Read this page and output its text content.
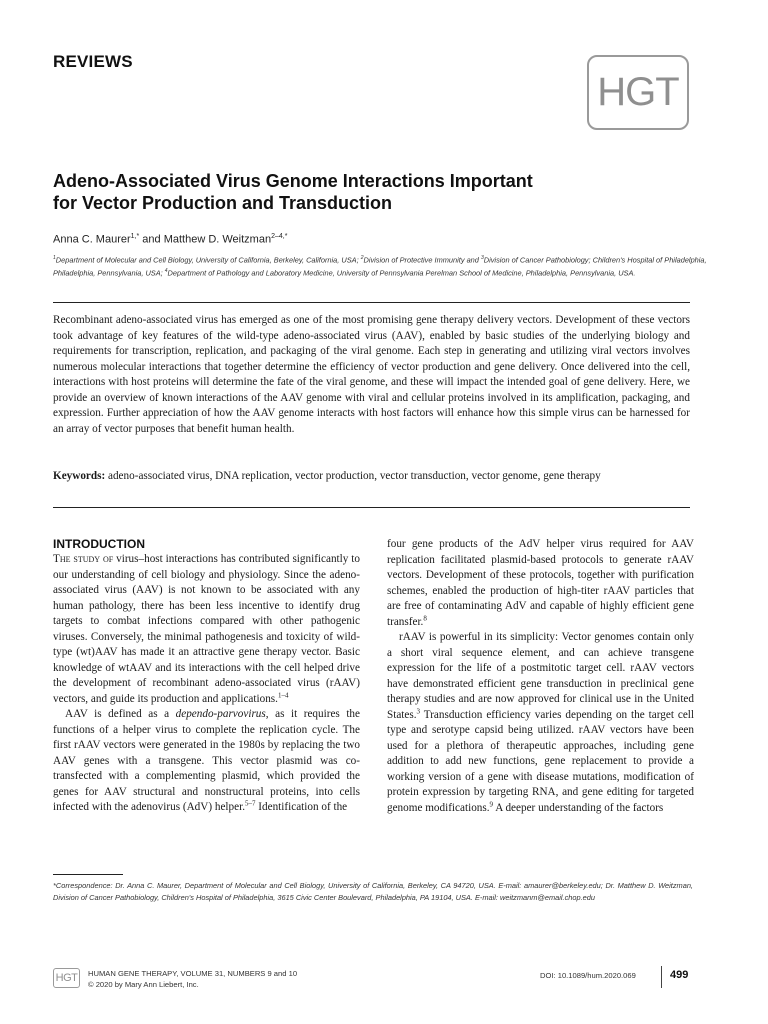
REVIEWS
HGT
Adeno-Associated Virus Genome Interactions Important
for Vector Production and Transduction
Anna C. Maurer$^{1,*}$ and Matthew D. Weitzman$^{2-4,*}$
$^1$Department of Molecular and Cell Biology, University of California, Berkeley, California, USA; $^2$Division of Protective Immunity and $^3$Division of Cancer Pathobiology; Children's Hospital of Philadelphia, Philadelphia, Pennsylvania, USA; $^4$Department of Pathology and Laboratory Medicine, University of Pennsylvania Perelman School of Medicine, Philadelphia, Pennsylvania, USA.
Recombinant adeno-associated virus has emerged as one of the most promising gene therapy delivery vectors. Development of these vectors took advantage of key features of the wild-type adeno-associated virus (AAV), enabled by basic studies of the underlying biology and requirements for transcription, replication, and packaging of the viral genome. Each step in generating and utilizing viral vectors involves numerous molecular interactions that together determine the efficiency of vector production and gene delivery. Once delivered into the cell, interactions with host proteins will determine the fate of the viral genome, and these will impact the intended goal of gene delivery. Here, we provide an overview of known interactions of the AAV genome with viral and cellular proteins involved in its amplification, packaging, and expression. Further appreciation of how the AAV genome interacts with host factors will enhance how this simple virus can be harnessed for an array of vector purposes that benefit human health.
Keywords: adeno-associated virus, DNA replication, vector production, vector transduction, vector genome, gene therapy
INTRODUCTION

The study of virus–host interactions has contributed significantly to our understanding of cell biology and physiology. Since the adeno-associated virus (AAV) is not known to be associated with any human pathology, there has been less incentive to identify drug targets to combat infections compared with other pathogenic viruses. Conversely, the minimal pathogenesis and toxicity of wild-type (wt)AAV has made it an attractive gene therapy vector. Basic knowledge of wtAAV and its interactions with the cell helped drive the development of recombinant adeno-associated virus (rAAV) vectors, and guide its production and applications.$^{1-4}$

AAV is defined as a dependo-parvovirus, as it requires the functions of a helper virus to complete the replication cycle. The first rAAV vectors were generated in the 1980s by replacing the two AAV genes with a transgene. This vector plasmid was co-transfected with a complementing plasmid, which provided the genes for AAV structural and nonstructural proteins, into cells infected with the adenovirus (AdV) helper.$^{5-7}$ Identification of the

four gene products of the AdV helper virus required for AAV replication facilitated plasmid-based protocols to generate rAAV vectors. Development of these protocols, together with purification schemes, enabled the production of high-titer rAAV particles that are free of contaminating AdV and capable of highly efficient gene transfer.$^8$

rAAV is powerful in its simplicity: Vector genomes contain only a short viral sequence element, and can achieve transgene expression for the life of a postmitotic target cell. rAAV vectors have demonstrated efficient gene transduction in preclinical gene therapy studies and are now approved for clinical use in the United States.$^3$ Transduction efficiency varies depending on the target cell type and serotype capsid being utilized. rAAV vectors have been used for a plethora of therapeutic approaches, including gene addition to add new functions, gene replacement to provide a working version of a gene with disease mutations, modification of protein expression by targeting RNA, and gene editing for targeted genome modifications.$^9$ A deeper understanding of the factors

*Correspondence: Dr. Anna C. Maurer, Department of Molecular and Cell Biology, University of California, Berkeley, CA 94720, USA. E-mail: amaurer@berkeley.edu; Dr. Matthew D. Weitzman, Division of Cancer Pathobiology, Children's Hospital of Philadelphia, 3615 Civic Center Boulevard, Philadelphia, PA 19104, USA. E-mail: weitzmanm@email.chop.edu
HGT	HUMAN GENE THERAPY, VOLUME 31, NUMBERS 9 and 10
© 2020 by Mary Ann Liebert, Inc.
DOI: 10.1089/hum.2020.069	499
